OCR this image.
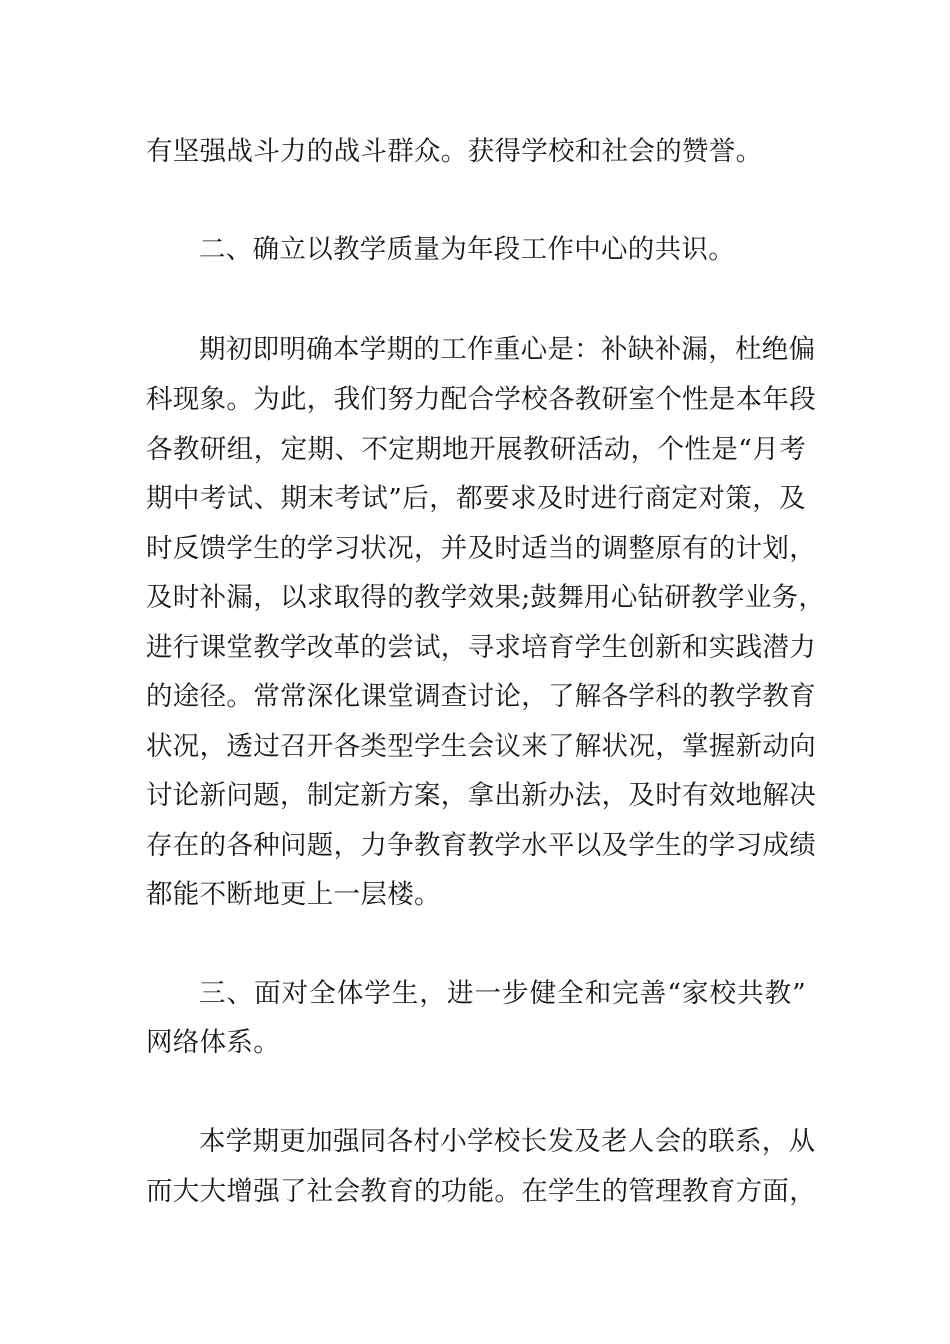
有坚强战斗力的战斗群众。获得学校和社会的赞誉。
二、确立以教学质量为年段工作中心的共识。
期初即明确本学期的工作重心是：补缺补漏，杜绝偏
科现象。为此，我们努力配合学校各教研室个性是本年段
各教研组，定期、不定期地开展教研活动，个性是“月考
期中考试、期末考试”后，都要求及时进行商定对策，及
时反馈学生的学习状况，并及时适当的调整原有的计划，
及时补漏，以求取得的教学效果;鼓舞用心钻研教学业务，
进行课堂教学改革的尝试，寻求培育学生创新和实践潜力
的途径。常常深化课堂调查讨论，了解各学科的教学教育
状况，透过召开各类型学生会议来了解状况，掌握新动向
讨论新问题，制定新方案，拿出新办法，及时有效地解决
存在的各种问题，力争教育教学水平以及学生的学习成绩
都能不断地更上一层楼。
三、面对全体学生，进一步健全和完善“家校共教”
网络体系。
本学期更加强同各村小学校长发及老人会的联系，从
而大大增强了社会教育的功能。在学生的管理教育方面，
